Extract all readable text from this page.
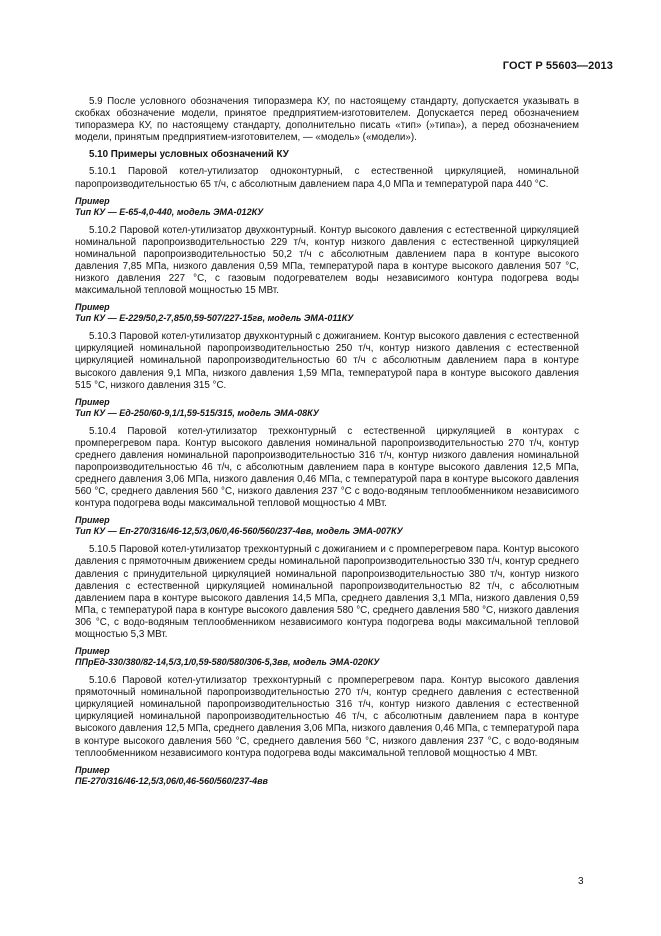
ГОСТ Р 55603—2013

5.9 После условного обозначения типоразмера КУ, по настоящему стандарту, допускается указывать в скобках обозначение модели, принятое предприятием-изготовителем. Допускается перед обозначением типоразмера КУ, по настоящему стандарту, дополнительно писать «тип» (»типа»), а перед обозначением модели, принятым предприятием-изготовителем, — «модель» («модели»).

5.10 Примеры условных обозначений КУ

5.10.1 Паровой котел-утилизатор одноконтурный, с естественной циркуляцией, номинальной паропроизводительностью 65 т/ч, с абсолютным давлением пара 4,0 МПа и температурой пара 440 °С.

Пример

Тип КУ — Е-65-4,0-440, модель ЭМА-012КУ

5.10.2 Паровой котел-утилизатор двухконтурный. Контур высокого давления с естественной циркуляцией номинальной паропроизводительностью 229 т/ч, контур низкого давления с естественной циркуляцией номинальной паропроизводительностью 50,2 т/ч с абсолютным давлением пара в контуре высокого давления 7,85 МПа, низкого давления 0,59 МПа, температурой пара в контуре высокого давления 507 °С, низкого давления 227 °С, с газовым подогревателем воды независимого контура подогрева воды максимальной тепловой мощностью 15 МВт.

Пример

Тип КУ — Е-229/50,2-7,85/0,59-507/227-15гв, модель ЭМА-011КУ

5.10.3 Паровой котел-утилизатор двухконтурный с дожиганием. Контур высокого давления с естественной циркуляцией номинальной паропроизводительностью 250 т/ч, контур низкого давления с естественной циркуляцией номинальной паропроизводительностью 60 т/ч с абсолютным давлением пара в контуре высокого давления 9,1 МПа, низкого давления 1,59 МПа, температурой пара в контуре высокого давления 515 °С, низкого давления 315 °С.

Пример

Тип КУ — Ед-250/60-9,1/1,59-515/315, модель ЭМА-08КУ

5.10.4 Паровой котел-утилизатор трехконтурный с естественной циркуляцией в контурах с промперегревом пара. Контур высокого давления номинальной паропроизводительностью 270 т/ч, контур среднего давления номинальной паропроизводительностью 316 т/ч, контур низкого давления номинальной паропроизводительностью 46 т/ч, с абсолютным давлением пара в контуре высокого давления 12,5 МПа, среднего давления 3,06 МПа, низкого давления 0,46 МПа, с температурой пара в контуре высокого давления 560 °С, среднего давления 560 °С, низкого давления 237 °С с водо-водяным теплообменником независимого контура подогрева воды максимальной тепловой мощностью 4 МВт.

Пример

Тип КУ — Еп-270/316/46-12,5/3,06/0,46-560/560/237-4вв, модель ЭМА-007КУ

5.10.5 Паровой котел-утилизатор трехконтурный с дожиганием и с промперегревом пара. Контур высокого давления с прямоточным движением среды номинальной паропроизводительностью 330 т/ч, контур среднего давления с принудительной циркуляцией номинальной паропроизводительностью 380 т/ч, контур низкого давления с естественной циркуляцией номинальной паропроизводительностью 82 т/ч, с абсолютным давлением пара в контуре высокого давления 14,5 МПа, среднего давления 3,1 МПа, низкого давления 0,59 МПа, с температурой пара в контуре высокого давления 580 °С, среднего давления 580 °С, низкого давления 306 °С, с водо-водяным теплообменником независимого контура подогрева воды максимальной тепловой мощностью 5,3 МВт.

Пример

ППрЕд-330/380/82-14,5/3,1/0,59-580/580/306-5,3вв, модель ЭМА-020КУ

5.10.6 Паровой котел-утилизатор трехконтурный с промперегревом пара. Контур высокого давления прямоточный номинальной паропроизводительностью 270 т/ч, контур среднего давления с естественной циркуляцией номинальной паропроизводительностью 316 т/ч, контур низкого давления с естественной циркуляцией номинальной паропроизводительностью 46 т/ч, с абсолютным давлением пара в контуре высокого давления 12,5 МПа, среднего давления 3,06 МПа, низкого давления 0,46 МПа, с температурой пара в контуре высокого давления 560 °С, среднего давления 560 °С, низкого давления 237 °С, с водо-водяным теплообменником независимого контура подогрева воды максимальной тепловой мощностью 4 МВт.

Пример

ПЕ-270/316/46-12,5/3,06/0,46-560/560/237-4вв

3
